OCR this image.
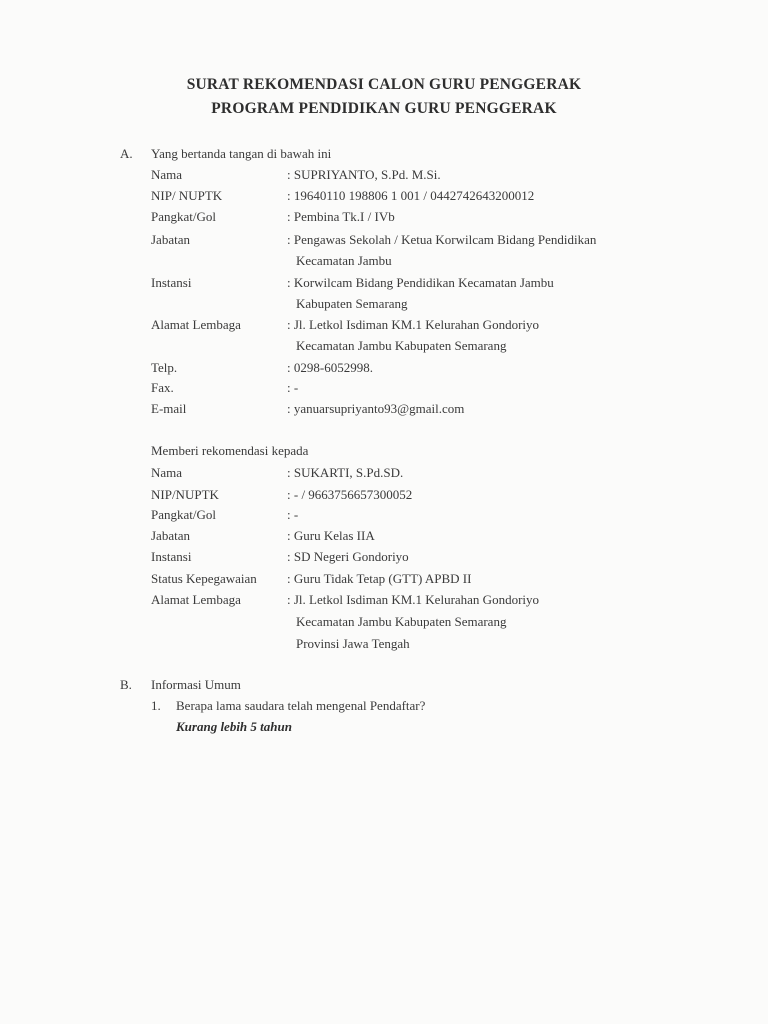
SURAT REKOMENDASI CALON GURU PENGGERAK
PROGRAM PENDIDIKAN GURU PENGGERAK
A. Yang bertanda tangan di bawah ini
Nama	: SUPRIYANTO, S.Pd. M.Si.
NIP/ NUPTK	: 19640110 198806 1 001 / 0442742643200012
Pangkat/Gol	: Pembina Tk.I / IVb
Jabatan	: Pengawas Sekolah / Ketua Korwilcam Bidang Pendidikan
Kecamatan Jambu
Instansi	: Korwilcam Bidang Pendidikan Kecamatan Jambu
Kabupaten Semarang
Alamat Lembaga	: Jl. Letkol Isdiman KM.1 Kelurahan Gondoriyo
Kecamatan Jambu Kabupaten Semarang
Telp.	: 0298-6052998.
Fax.	: -
E-mail	: yanuarsupriyanto93@gmail.com
Memberi rekomendasi kepada
Nama	: SUKARTI, S.Pd.SD.
NIP/NUPTK	: - / 9663756657300052
Pangkat/Gol	: -
Jabatan	: Guru Kelas IIA
Instansi	: SD Negeri Gondoriyo
Status Kepegawaian : Guru Tidak Tetap (GTT) APBD II
Alamat Lembaga	: Jl. Letkol Isdiman KM.1 Kelurahan Gondoriyo
Kecamatan Jambu Kabupaten Semarang
Provinsi Jawa Tengah
B. Informasi Umum
1. Berapa lama saudara telah mengenal Pendaftar?
Kurang lebih 5 tahun
